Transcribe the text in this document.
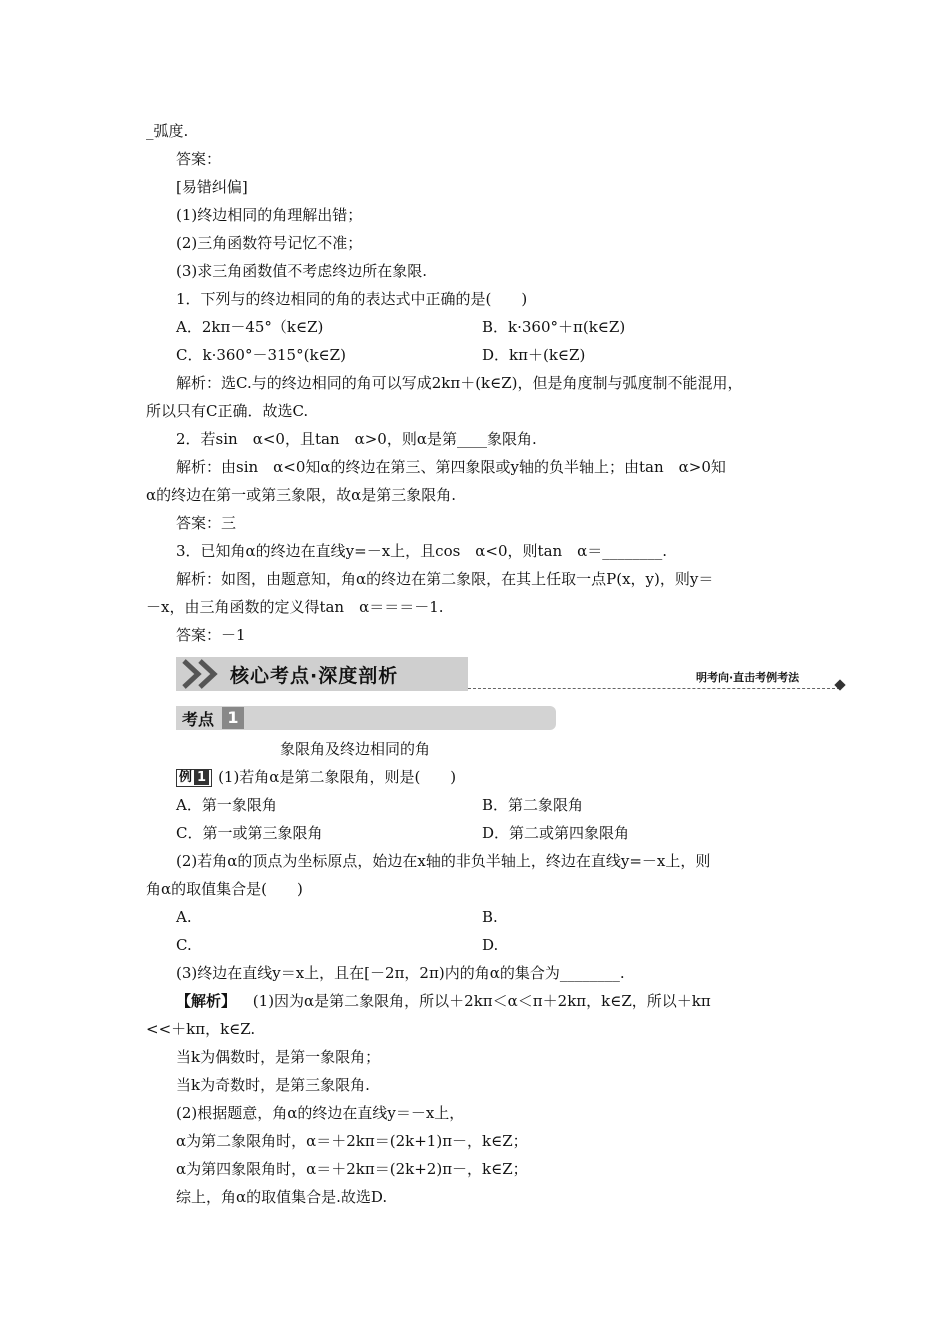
_弧度.
答案：
[易错纠偏]
(1)终边相同的角理解出错；
(2)三角函数符号记忆不准；
(3)求三角函数值不考虑终边所在象限.
1．下列与的终边相同的角的表达式中正确的是(　　)
A．2kπ－45°（k∈Z)	B．k·360°＋π(k∈Z)
C．k·360°－315°(k∈Z)	D．kπ＋(k∈Z)
解析：选C.与的终边相同的角可以写成2kπ＋(k∈Z)，但是角度制与弧度制不能混用，
所以只有C正确．故选C.
2．若sin　α<0，且tan　α>0，则α是第____象限角.
解析：由sin　α<0知α的终边在第三、第四象限或y轴的负半轴上；由tan　α>0知
α的终边在第一或第三象限，故α是第三象限角.
答案：三
3．已知角α的终边在直线y=－x上，且cos　α<0，则tan　α＝________.
解析：如图，由题意知，角α的终边在第二象限，在其上任取一点P(x，y)，则y＝
－x，由三角函数的定义得tan　α＝＝＝－1.
答案：－1
核心考点·深度剖析	明考向·直击考例考法
考点 1
象限角及终边相同的角
例 1 (1)若角α是第二象限角，则是(　　)
A．第一象限角	B．第二象限角
C．第一或第三象限角	D．第二或第四象限角
(2)若角α的顶点为坐标原点，始边在x轴的非负半轴上，终边在直线y=－x上，则
角α的取值集合是(　　)
A.	B.
C.	D.
(3)终边在直线y＝x上，且在[－2π，2π)内的角α的集合为________.
【解析】 (1)因为α是第二象限角，所以＋2kπ＜α＜π＋2kπ，k∈Z，所以＋kπ
<<＋kπ，k∈Z.
当k为偶数时，是第一象限角；
当k为奇数时，是第三象限角.
(2)根据题意，角α的终边在直线y＝－x上，
α为第二象限角时，α＝＋2kπ＝(2k+1)π－，k∈Z；
α为第四象限角时，α＝＋2kπ＝(2k+2)π－，k∈Z；
综上，角α的取值集合是.故选D.
